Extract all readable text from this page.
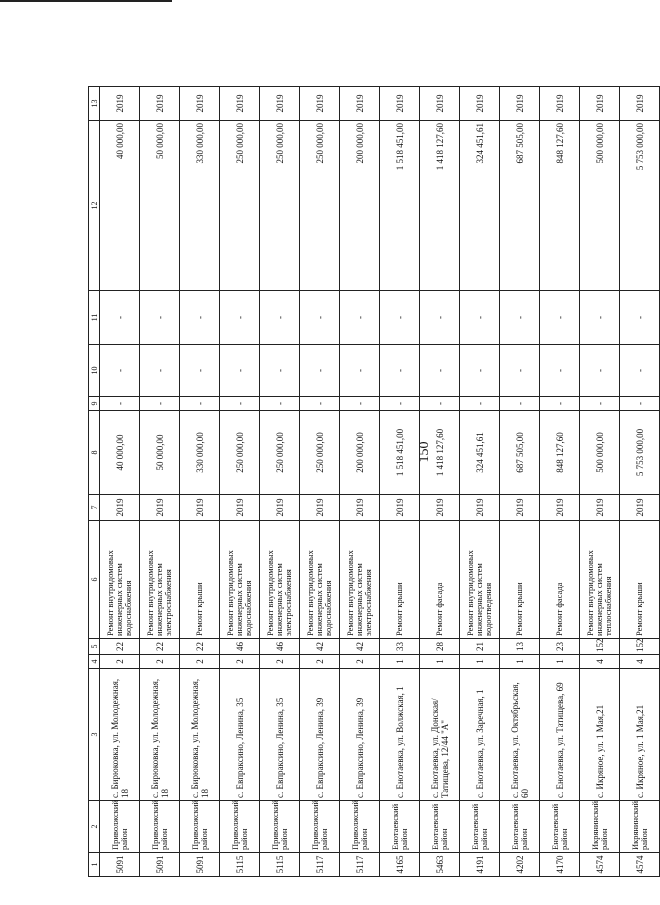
150
1	2	3	4	5	6	7	8	9	10	11	12	13
5091	Приволжский район	с. Бирюковка, ул. Молодежная, 18	2	22	Ремонт внутридомовых инженерных систем водоснабжения	2019	40 000,00	-	-	-	40 000,00	2019
5091	Приволжский район	с. Бирюковка, ул. Молодежная, 18	2	22	Ремонт внутридомовых инженерных систем электроснабжения	2019	50 000,00	-	-	-	50 000,00	2019
5091	Приволжский район	с. Бирюковка, ул. Молодежная, 18	2	22	Ремонт крыши	2019	330 000,00	-	-	-	330 000,00	2019
5115	Приволжский район	с. Евпраксино, Ленина, 35	2	46	Ремонт внутридомовых инженерных систем водоснабжения	2019	250 000,00	-	-	-	250 000,00	2019
5115	Приволжский район	с. Евпраксино, Ленина, 35	2	46	Ремонт внутридомовых инженерных систем электроснабжения	2019	250 000,00	-	-	-	250 000,00	2019
5117	Приволжский район	с. Евпраксино, Ленина, 39	2	42	Ремонт внутридомовых инженерных систем водоснабжения	2019	250 000,00	-	-	-	250 000,00	2019
5117	Приволжский район	с. Евпраксино, Ленина, 39	2	42	Ремонт внутридомовых инженерных систем электроснабжения	2019	200 000,00	-	-	-	200 000,00	2019
4165	Енотаевский район	с. Енотаевка, ул. Волжская, 1	1	33	Ремонт крыши	2019	1 518 451,00	-	-	-	1 518 451,00	2019
5463	Енотаевский район	с. Енотаевка, ул. Донская/Татищева, 12/44 "А"	1	28	Ремонт фасада	2019	1 418 127,60	-	-	-	1 418 127,60	2019
4191	Енотаевский район	с. Енотаевка, ул. Заречная, 1	1	21	Ремонт внутридомовых инженерных систем водоотведения	2019	324 451,61	-	-	-	324 451,61	2019
4202	Енотаевский район	с. Енотаевка, ул. Октябрьская, 60	1	13	Ремонт крыши	2019	687 505,00	-	-	-	687 505,00	2019
4170	Енотаевский район	с. Енотаевка, ул. Татищева, 69	1	23	Ремонт фасада	2019	848 127,60	-	-	-	848 127,60	2019
4574	Икрянинский район	с. Икряное, ул. 1 Мая,21	4	152	Ремонт внутридомовых инженерных систем теплоснабжения	2019	500 000,00	-	-	-	500 000,00	2019
4574	Икрянинский район	с. Икряное, ул. 1 Мая,21	4	152	Ремонт крыши	2019	5 753 000,00	-	-	-	5 753 000,00	2019
